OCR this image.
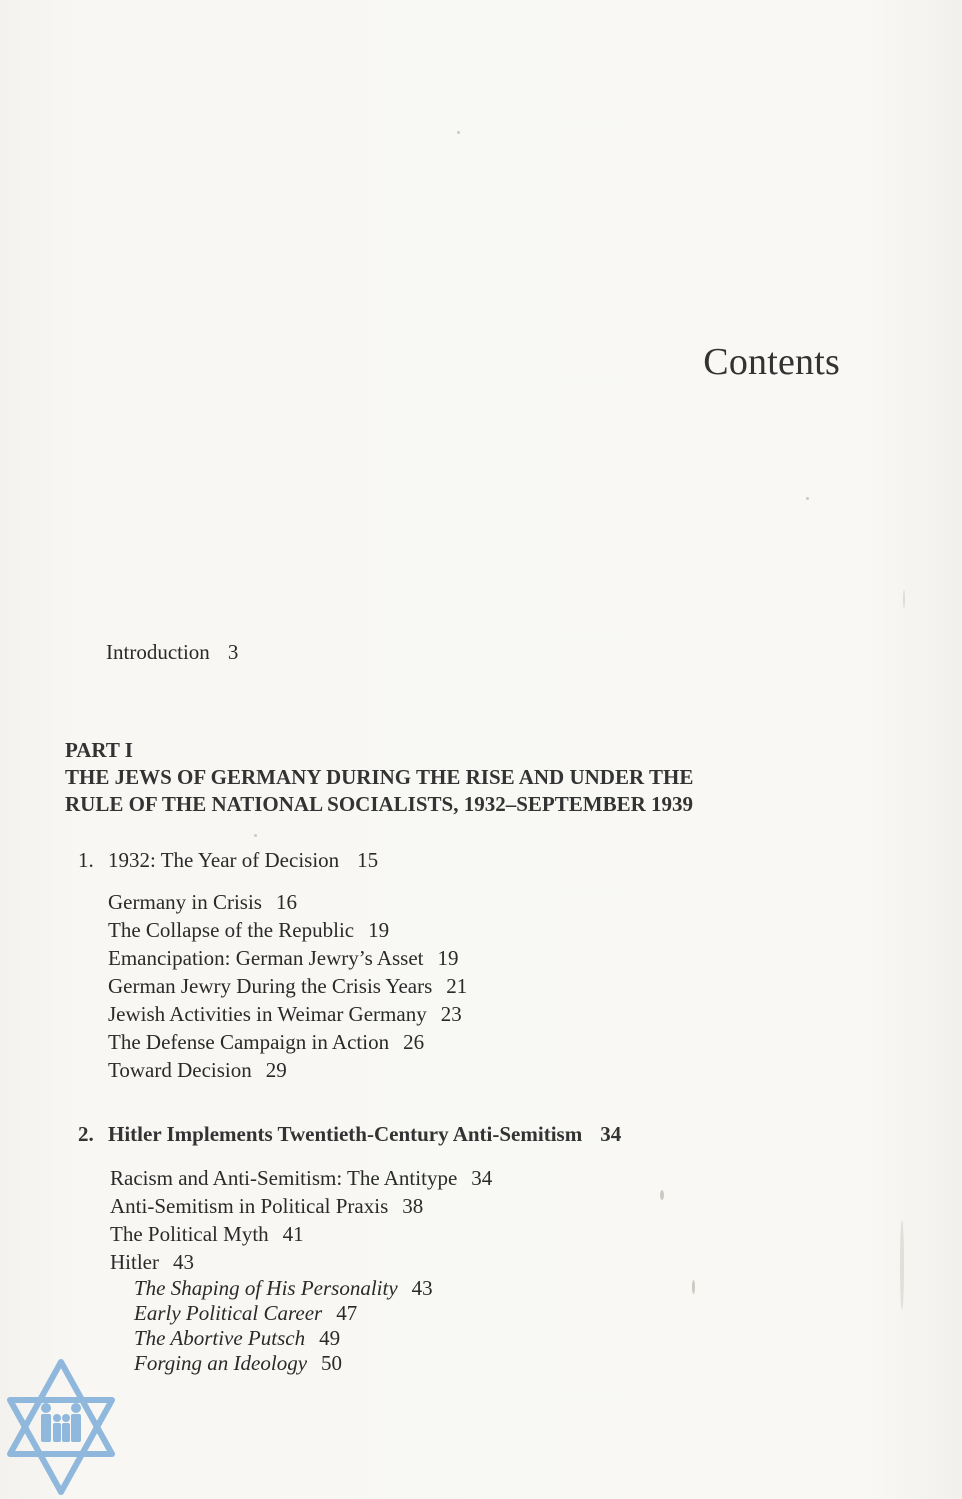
Contents
Introduction 3
PART I
THE JEWS OF GERMANY DURING THE RISE AND UNDER THE
RULE OF THE NATIONAL SOCIALISTS, 1932–SEPTEMBER 1939
1. 1932: The Year of Decision 15
Germany in Crisis 16
The Collapse of the Republic 19
Emancipation: German Jewry’s Asset 19
German Jewry During the Crisis Years 21
Jewish Activities in Weimar Germany 23
The Defense Campaign in Action 26
Toward Decision 29
2. Hitler Implements Twentieth-Century Anti-Semitism 34
Racism and Anti-Semitism: The Antitype 34
Anti-Semitism in Political Praxis 38
The Political Myth 41
Hitler 43
The Shaping of His Personality 43
Early Political Career 47
The Abortive Putsch 49
Forging an Ideology 50
